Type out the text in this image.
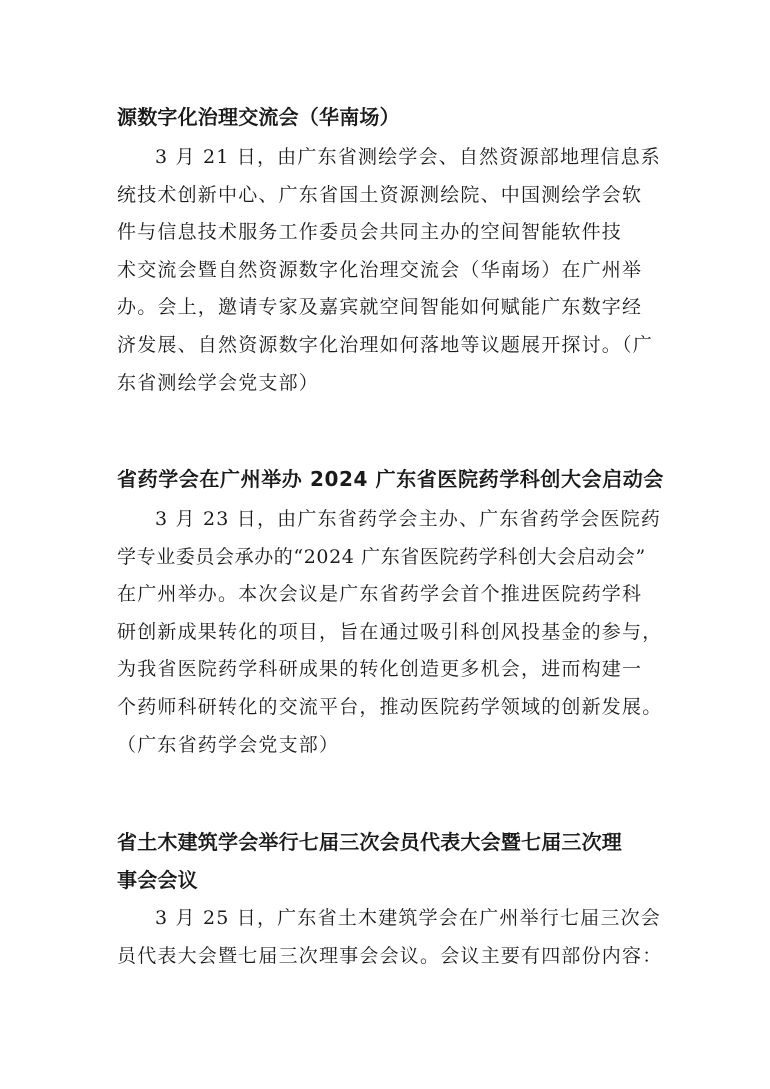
源数字化治理交流会（华南场）
3 月 21 日，由广东省测绘学会、自然资源部地理信息系
统技术创新中心、广东省国土资源测绘院、中国测绘学会软
件与信息技术服务工作委员会共同主办的空间智能软件技
术交流会暨自然资源数字化治理交流会（华南场）在广州举
办。会上，邀请专家及嘉宾就空间智能如何赋能广东数字经
济发展、自然资源数字化治理如何落地等议题展开探讨。（广
东省测绘学会党支部）
省药学会在广州举办 2024 广东省医院药学科创大会启动会
3 月 23 日，由广东省药学会主办、广东省药学会医院药
学专业委员会承办的“2024 广东省医院药学科创大会启动会”
在广州举办。本次会议是广东省药学会首个推进医院药学科
研创新成果转化的项目，旨在通过吸引科创风投基金的参与，
为我省医院药学科研成果的转化创造更多机会，进而构建一
个药师科研转化的交流平台，推动医院药学领域的创新发展。
（广东省药学会党支部）
省土木建筑学会举行七届三次会员代表大会暨七届三次理
事会会议
3 月 25 日，广东省土木建筑学会在广州举行七届三次会
员代表大会暨七届三次理事会会议。会议主要有四部份内容：
